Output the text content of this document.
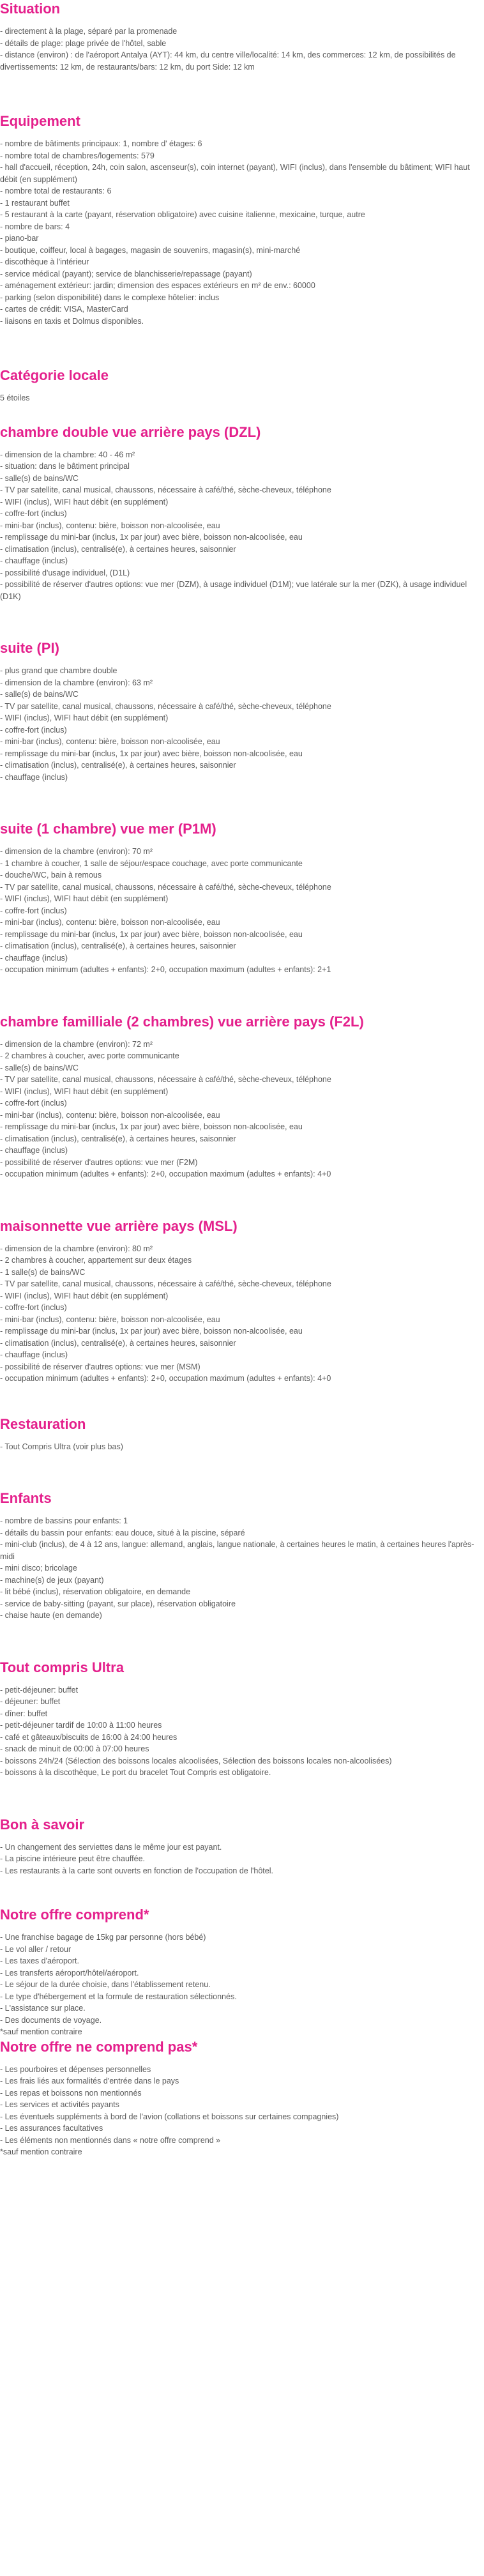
Situation

- directement à la plage, séparé par la promenade

- détails de plage: plage privée de l'hôtel, sable

- distance (environ) : de l'aéroport Antalya (AYT): 44 km, du centre ville/localité: 14 km, des commerces: 12 km, de possibilités de divertissements: 12 km, de restaurants/bars: 12 km, du port Side: 12 km

Equipement

- nombre de bâtiments principaux: 1, nombre d' étages: 6

- nombre total de chambres/logements: 579

- hall d'accueil, réception, 24h, coin salon, ascenseur(s), coin internet (payant), WIFI (inclus), dans l'ensemble du bâtiment; WIFI haut débit (en supplément)

- nombre total de restaurants: 6

- 1 restaurant buffet

- 5 restaurant à la carte (payant, réservation obligatoire) avec cuisine italienne, mexicaine, turque, autre

- nombre de bars: 4

- piano-bar

- boutique, coiffeur, local à bagages, magasin de souvenirs, magasin(s), mini-marché

- discothèque à l'intérieur

- service médical (payant); service de blanchisserie/repassage (payant)

- aménagement extérieur: jardin; dimension des espaces extérieurs en m² de env.: 60000

- parking (selon disponibilité) dans le complexe hôtelier: inclus

- cartes de crédit: VISA, MasterCard

- liaisons en taxis et Dolmus disponibles.

Catégorie locale

5 étoiles

chambre double vue arrière pays (DZL)

- dimension de la chambre: 40 - 46 m²

- situation: dans le bâtiment principal

- salle(s) de bains/WC

- TV par satellite, canal musical, chaussons, nécessaire à café/thé, sèche-cheveux, téléphone

- WIFI (inclus), WIFI haut débit (en supplément)

- coffre-fort (inclus)

- mini-bar (inclus), contenu: bière, boisson non-alcoolisée, eau

- remplissage du mini-bar (inclus, 1x par jour) avec bière, boisson non-alcoolisée, eau

- climatisation (inclus), centralisé(e), à certaines heures, saisonnier

- chauffage (inclus)

- possibilité d'usage individuel, (D1L)

- possibilité de réserver d'autres options: vue mer (DZM), à usage individuel (D1M); vue latérale sur la mer (DZK), à usage individuel (D1K)

suite (PI)

- plus grand que chambre double

- dimension de la chambre (environ): 63 m²

- salle(s) de bains/WC

- TV par satellite, canal musical, chaussons, nécessaire à café/thé, sèche-cheveux, téléphone

- WIFI (inclus), WIFI haut débit (en supplément)

- coffre-fort (inclus)

- mini-bar (inclus), contenu: bière, boisson non-alcoolisée, eau

- remplissage du mini-bar (inclus, 1x par jour) avec bière, boisson non-alcoolisée, eau

- climatisation (inclus), centralisé(e), à certaines heures, saisonnier

- chauffage (inclus)

suite (1 chambre) vue mer (P1M)

- dimension de la chambre (environ): 70 m²

- 1 chambre à coucher, 1 salle de séjour/espace couchage, avec porte communicante

- douche/WC, bain à remous

- TV par satellite, canal musical, chaussons, nécessaire à café/thé, sèche-cheveux, téléphone

- WIFI (inclus), WIFI haut débit (en supplément)

- coffre-fort (inclus)

- mini-bar (inclus), contenu: bière, boisson non-alcoolisée, eau

- remplissage du mini-bar (inclus, 1x par jour) avec bière, boisson non-alcoolisée, eau

- climatisation (inclus), centralisé(e), à certaines heures, saisonnier

- chauffage (inclus)

- occupation minimum (adultes + enfants): 2+0, occupation maximum (adultes + enfants): 2+1

chambre familliale (2 chambres) vue arrière pays (F2L)

- dimension de la chambre (environ): 72 m²

- 2 chambres à coucher, avec porte communicante

- salle(s) de bains/WC

- TV par satellite, canal musical, chaussons, nécessaire à café/thé, sèche-cheveux, téléphone

- WIFI (inclus), WIFI haut débit (en supplément)

- coffre-fort (inclus)

- mini-bar (inclus), contenu: bière, boisson non-alcoolisée, eau

- remplissage du mini-bar (inclus, 1x par jour) avec bière, boisson non-alcoolisée, eau

- climatisation (inclus), centralisé(e), à certaines heures, saisonnier

- chauffage (inclus)

- possibilité de réserver d'autres options: vue mer (F2M)

- occupation minimum (adultes + enfants): 2+0, occupation maximum (adultes + enfants): 4+0

maisonnette vue arrière pays (MSL)

- dimension de la chambre (environ): 80 m²

- 2 chambres à coucher, appartement sur deux étages

- 1 salle(s) de bains/WC

- TV par satellite, canal musical, chaussons, nécessaire à café/thé, sèche-cheveux, téléphone

- WIFI (inclus), WIFI haut débit (en supplément)

- coffre-fort (inclus)

- mini-bar (inclus), contenu: bière, boisson non-alcoolisée, eau

- remplissage du mini-bar (inclus, 1x par jour) avec bière, boisson non-alcoolisée, eau

- climatisation (inclus), centralisé(e), à certaines heures, saisonnier

- chauffage (inclus)

- possibilité de réserver d'autres options: vue mer (MSM)

- occupation minimum (adultes + enfants): 2+0, occupation maximum (adultes + enfants): 4+0

Restauration

- Tout Compris Ultra (voir plus bas)

Enfants

- nombre de bassins pour enfants: 1

- détails du bassin pour enfants: eau douce, situé à la piscine, séparé

- mini-club (inclus), de 4 à 12 ans, langue: allemand, anglais, langue nationale, à certaines heures le matin, à certaines heures l'après-midi

- mini disco; bricolage

- machine(s) de jeux (payant)

- lit bébé (inclus), réservation obligatoire, en demande

- service de baby-sitting (payant, sur place), réservation obligatoire

- chaise haute (en demande)

Tout compris Ultra

- petit-déjeuner: buffet

- déjeuner: buffet

- dîner: buffet

- petit-déjeuner tardif de 10:00 à 11:00 heures

- café et gâteaux/biscuits de 16:00 à 24:00 heures

- snack de minuit de 00:00 à 07:00 heures

- boissons 24h/24 (Sélection des boissons locales alcoolisées, Sélection des boissons locales non-alcoolisées)

- boissons à la discothèque, Le port du bracelet Tout Compris est obligatoire.

Bon à savoir

- Un changement des serviettes dans le même jour est payant.

- La piscine intérieure peut être chauffée.

- Les restaurants à la carte sont ouverts en fonction de l'occupation de l'hôtel.

Notre offre comprend*

- Une franchise bagage de 15kg par personne (hors bébé)

- Le vol aller / retour

- Les taxes d'aéroport.

- Les transferts aéroport/hôtel/aéroport.

- Le séjour de la durée choisie, dans l'établissement retenu.

- Le type d'hébergement et la formule de restauration sélectionnés.

- L'assistance sur place.

- Des documents de voyage.

*sauf mention contraire

Notre offre ne comprend pas*

- Les pourboires et dépenses personnelles

- Les frais liés aux formalités d'entrée dans le pays

- Les repas et boissons non mentionnés

- Les services et activités payants

- Les éventuels suppléments à bord de l'avion (collations et boissons sur certaines compagnies)

- Les assurances facultatives

- Les éléments non mentionnés dans « notre offre comprend »

*sauf mention contraire
